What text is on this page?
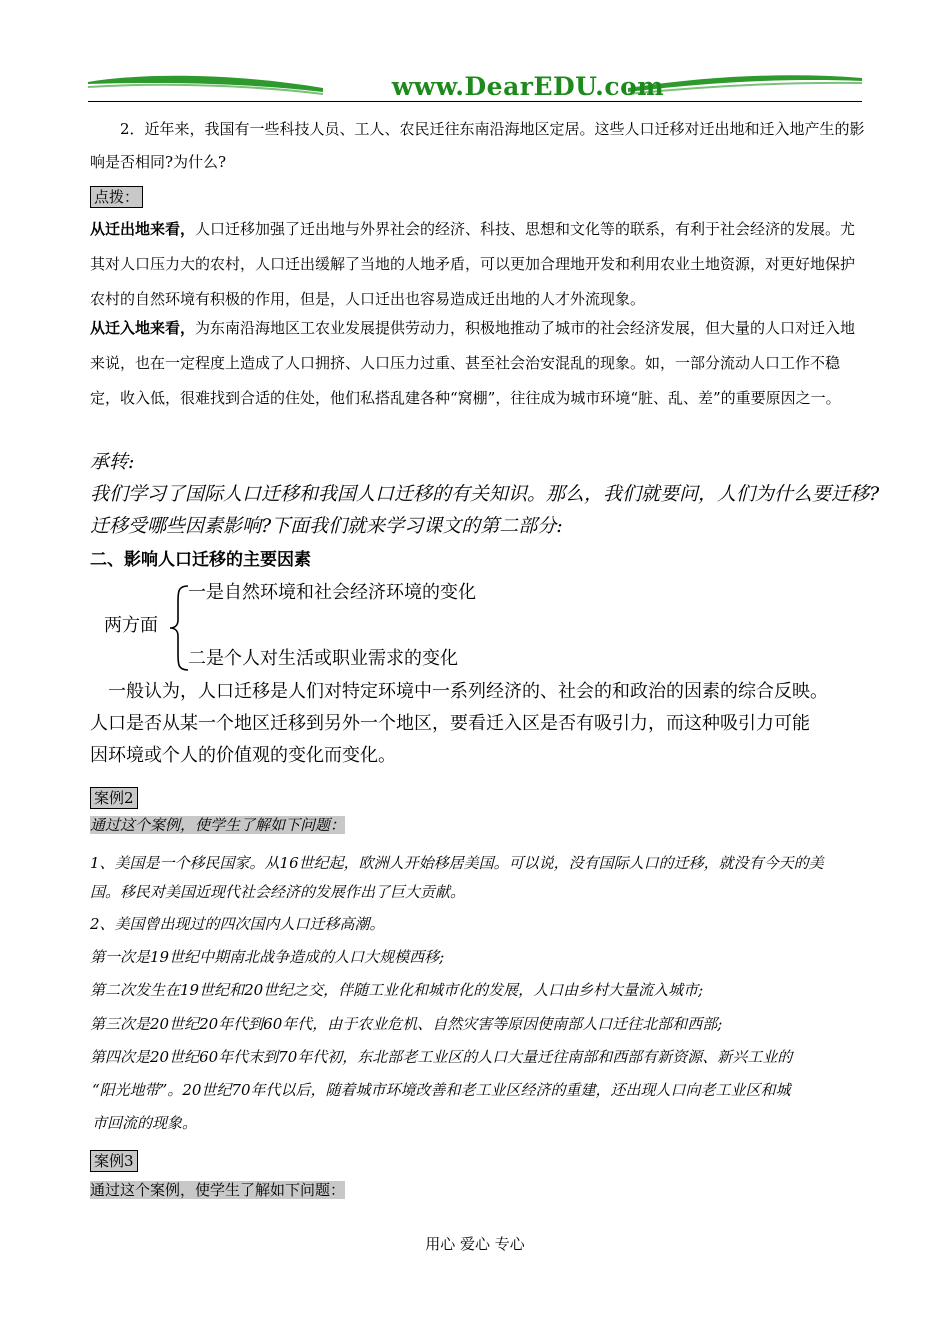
www.DearEDU.com
2．近年来，我国有一些科技人员、工人、农民迁往东南沿海地区定居。这些人口迁移对迁出地和迁入地产生的影响是否相同?为什么?
点拨：
从迁出地来看，人口迁移加强了迁出地与外界社会的经济、科技、思想和文化等的联系，有利于社会经济的发展。尤其对人口压力大的农村，人口迁出缓解了当地的人地矛盾，可以更加合理地开发和利用农业土地资源，对更好地保护农村的自然环境有积极的作用，但是，人口迁出也容易造成迁出地的人才外流现象。
从迁入地来看，为东南沿海地区工农业发展提供劳动力，积极地推动了城市的社会经济发展，但大量的人口对迁入地来说，也在一定程度上造成了人口拥挤、人口压力过重、甚至社会治安混乱的现象。如，一部分流动人口工作不稳定，收入低，很难找到合适的住处，他们私搭乱建各种“窝棚”，往往成为城市环境“脏、乱、差”的重要原因之一。
承转:
我们学习了国际人口迁移和我国人口迁移的有关知识。那么，我们就要问，人们为什么要迁移?
迁移受哪些因素影响?下面我们就来学习课文的第二部分:
二、影响人口迁移的主要因素
两方面
一是自然环境和社会经济环境的变化
二是个人对生活或职业需求的变化
一般认为，人口迁移是人们对特定环境中一系列经济的、社会的和政治的因素的综合反映。
人口是否从某一个地区迁移到另外一个地区，要看迁入区是否有吸引力，而这种吸引力可能
因环境或个人的价值观的变化而变化。
案例2
通过这个案例，使学生了解如下问题：
1、美国是一个移民国家。从16世纪起，欧洲人开始移居美国。可以说，没有国际人口的迁移，就没有今天的美
国。移民对美国近现代社会经济的发展作出了巨大贡献。
2、美国曾出现过的四次国内人口迁移高潮。
第一次是19世纪中期南北战争造成的人口大规模西移;
第二次发生在19世纪和20世纪之交，伴随工业化和城市化的发展，人口由乡村大量流入城市;
第三次是20世纪20年代到60年代，由于农业危机、自然灾害等原因使南部人口迁往北部和西部;
第四次是20世纪60年代末到70年代初，东北部老工业区的人口大量迁往南部和西部有新资源、新兴工业的
“阳光地带”。20世纪70年代以后，随着城市环境改善和老工业区经济的重建，还出现人口向老工业区和城
市回流的现象。
案例3
通过这个案例，使学生了解如下问题：
用心 爱心 专心
